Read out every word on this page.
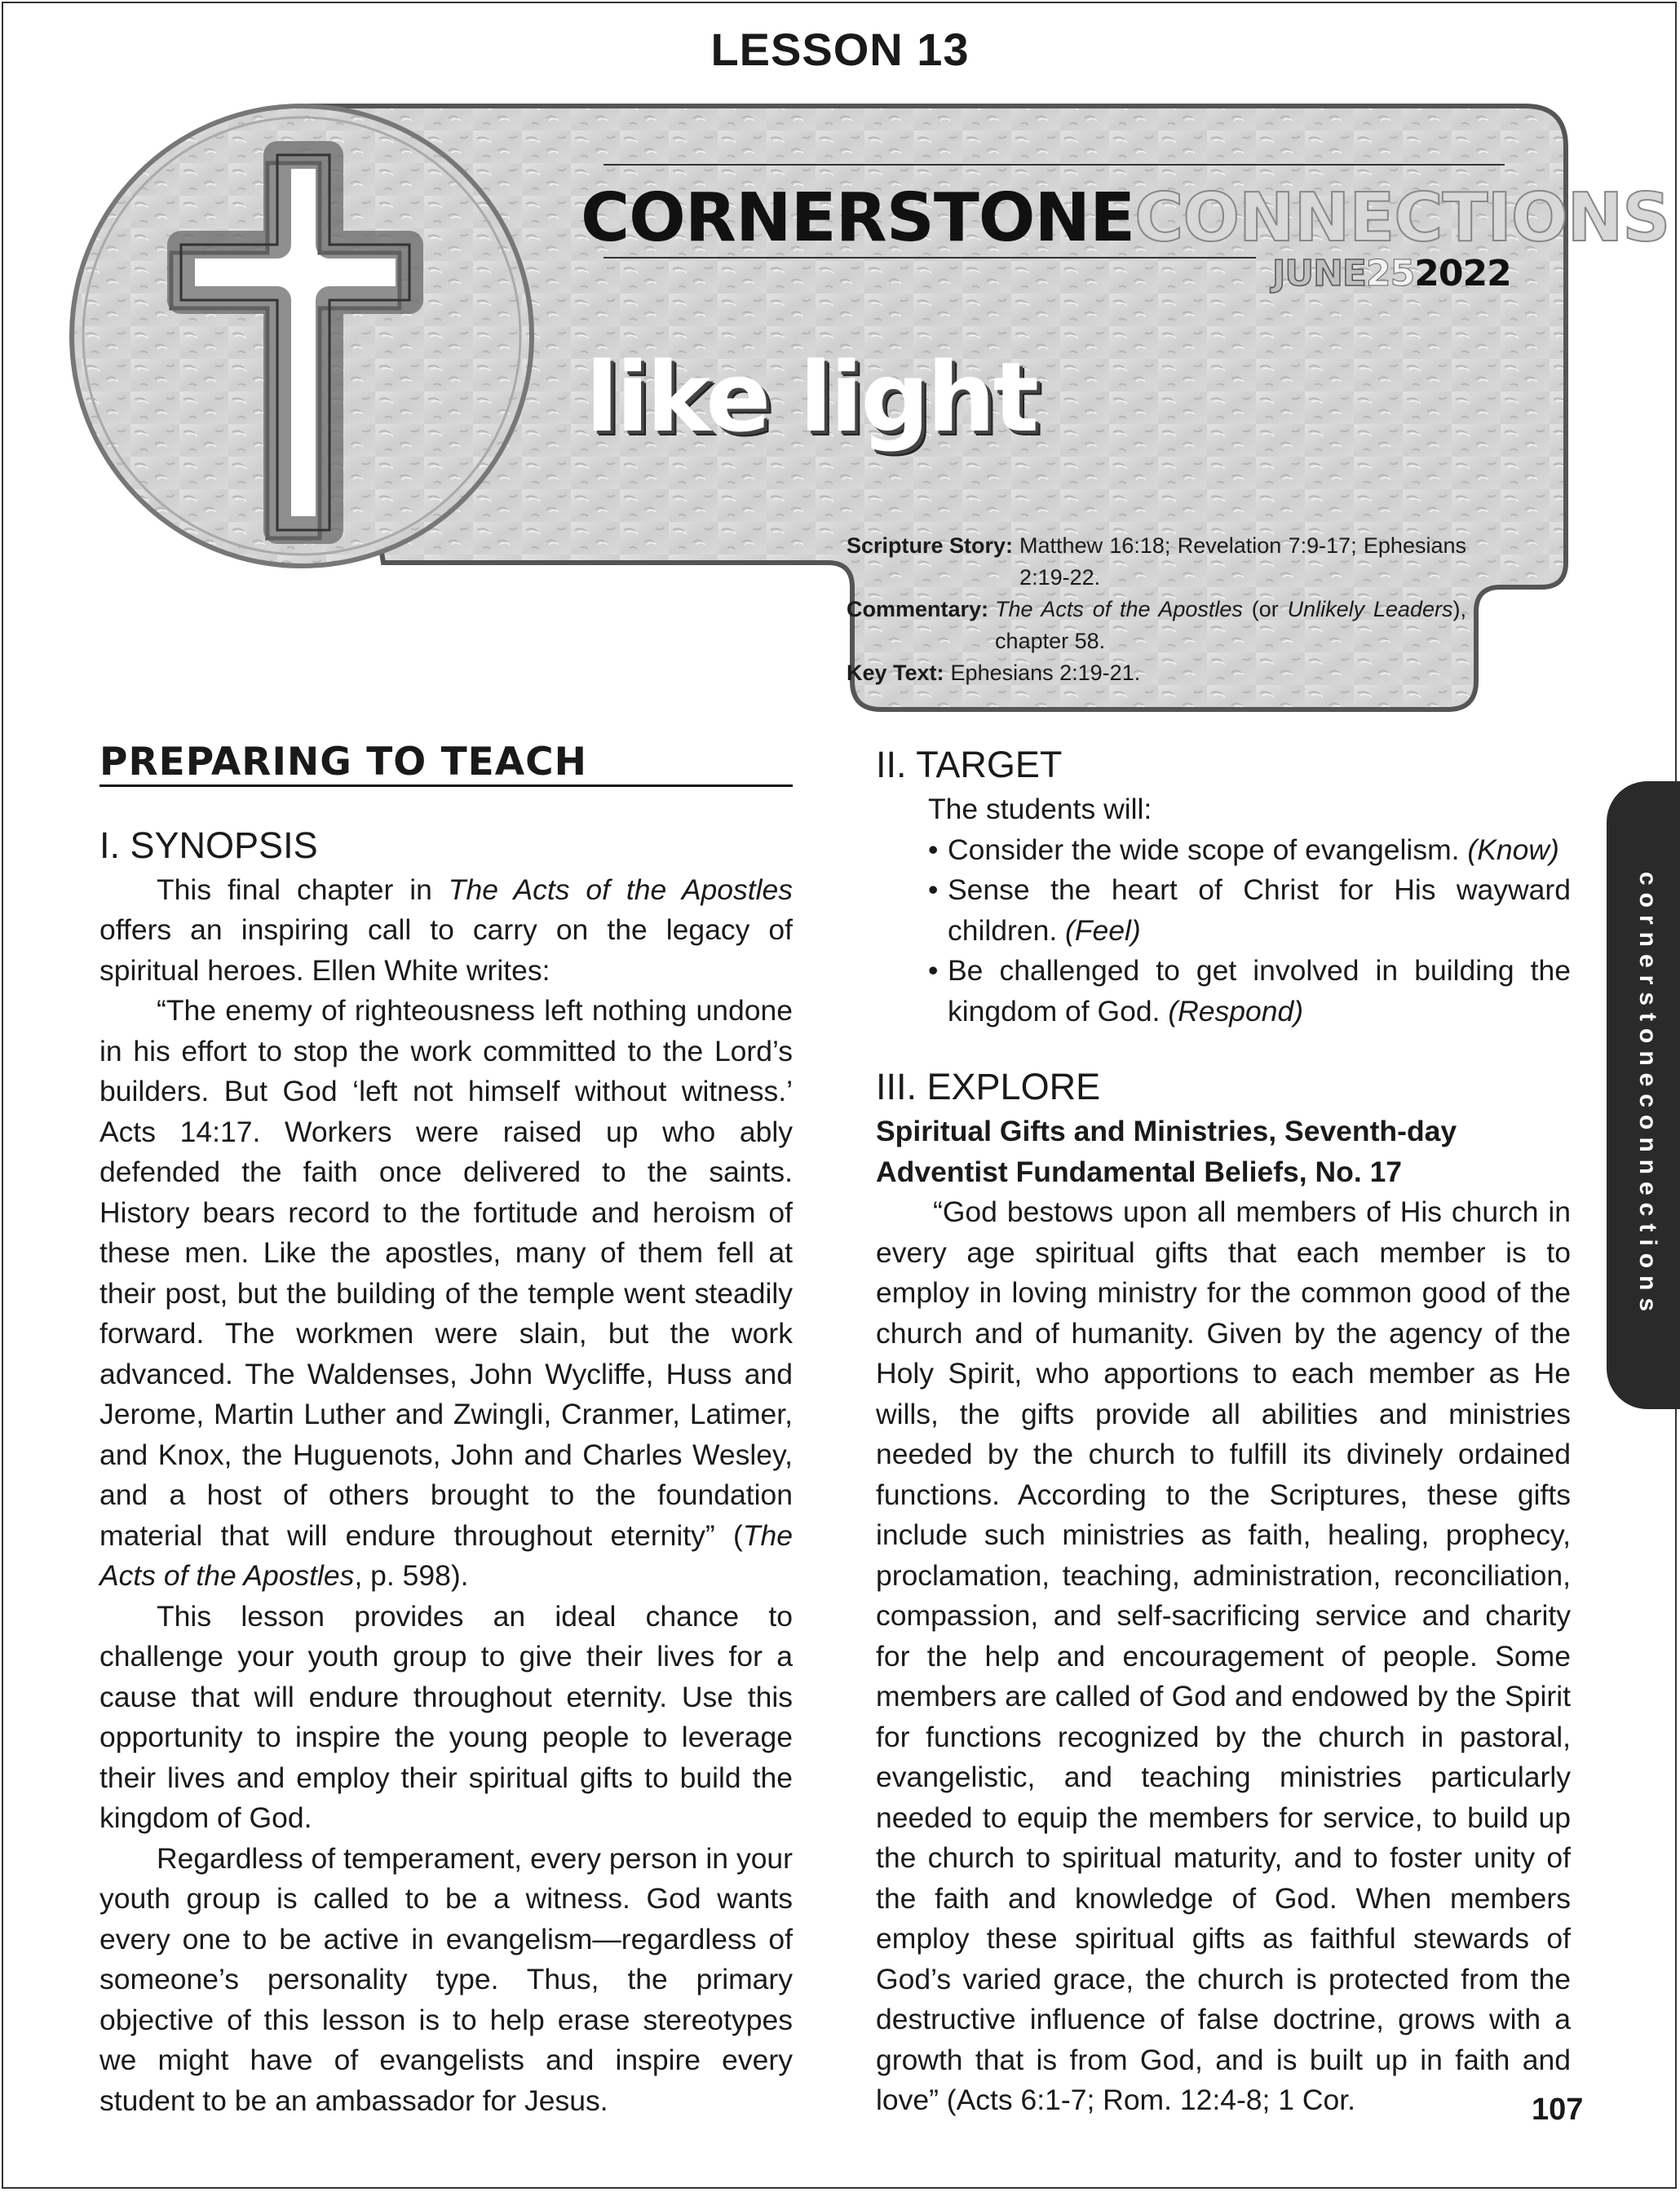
LESSON 13
CORNERSTONECONNECTIONS
JUNE252022
like light
Scripture Story: Matthew 16:18; Revelation 7:9-17; Ephesians 2:19-22.
Commentary: The Acts of the Apostles (or Unlikely Leaders), chapter 58.
Key Text: Ephesians 2:19-21.
PREPARING TO TEACH
I. SYNOPSIS

This final chapter in The Acts of the Apostles offers an inspiring call to carry on the legacy of spiritual heroes. Ellen White writes:

“The enemy of righteousness left nothing undone in his effort to stop the work committed to the Lord’s builders. But God ‘left not himself without witness.’ Acts 14:17. Workers were raised up who ably defended the faith once delivered to the saints. History bears record to the fortitude and heroism of these men. Like the apostles, many of them fell at their post, but the building of the temple went steadily forward. The workmen were slain, but the work advanced. The Waldenses, John Wycliffe, Huss and Jerome, Martin Luther and Zwingli, Cranmer, Latimer, and Knox, the Huguenots, John and Charles Wesley, and a host of others brought to the foundation material that will endure throughout eternity” (The Acts of the Apostles, p. 598).

This lesson provides an ideal chance to challenge your youth group to give their lives for a cause that will endure throughout eternity. Use this opportunity to inspire the young people to leverage their lives and employ their spiritual gifts to build the kingdom of God.

Regardless of temperament, every person in your youth group is called to be a witness. God wants every one to be active in evangelism—regardless of someone’s personality type. Thus, the primary objective of this lesson is to help erase stereotypes we might have of evangelists and inspire every student to be an ambassador for Jesus.

II. TARGET

The students will:

• Consider the wide scope of evangelism. (Know)
• Sense the heart of Christ for His wayward children. (Feel)
• Be challenged to get involved in building the kingdom of God. (Respond)
III. EXPLORE

Spiritual Gifts and Ministries, Seventh-day Adventist Fundamental Beliefs, No. 17

“God bestows upon all members of His church in every age spiritual gifts that each member is to employ in loving ministry for the common good of the church and of humanity. Given by the agency of the Holy Spirit, who apportions to each member as He wills, the gifts provide all abilities and ministries needed by the church to fulfill its divinely ordained functions. According to the Scriptures, these gifts include such ministries as faith, healing, prophecy, proclamation, teaching, administration, reconciliation, compassion, and self-sacrificing service and charity for the help and encouragement of people. Some members are called of God and endowed by the Spirit for functions recognized by the church in pastoral, evangelistic, and teaching ministries particularly needed to equip the members for service, to build up the church to spiritual maturity, and to foster unity of the faith and knowledge of God. When members employ these spiritual gifts as faithful stewards of God’s varied grace, the church is protected from the destructive influence of false doctrine, grows with a growth that is from God, and is built up in faith and love” (Acts 6:1-7; Rom. 12:4-8; 1 Cor.

cornerstoneconnections
107
